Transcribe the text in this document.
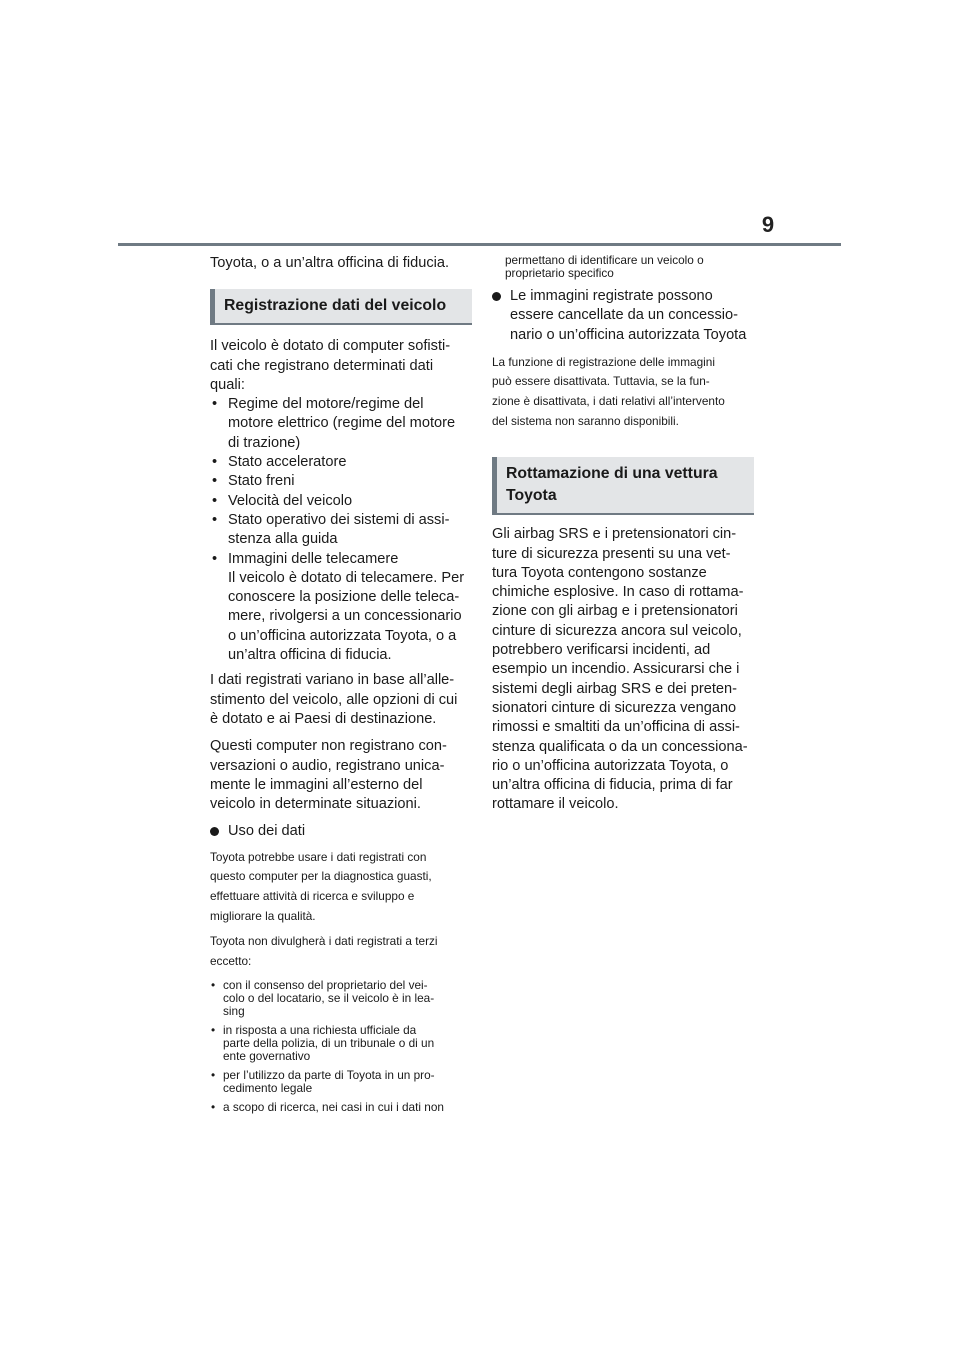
9

Toyota, o a un’altra officina di fiducia.

Registrazione dati del veicolo

Il veicolo è dotato di computer sofisti-
cati che registrano determinati dati
quali:

• Regime del motore/regime del
motore elettrico (regime del motore
di trazione)
• Stato acceleratore
• Stato freni
• Velocità del veicolo
• Stato operativo dei sistemi di assi-
stenza alla guida
• Immagini delle telecamere
Il veicolo è dotato di telecamere. Per
conoscere la posizione delle teleca-
mere, rivolgersi a un concessionario
o un’officina autorizzata Toyota, o a
un’altra officina di fiducia.

I dati registrati variano in base all’alle-
stimento del veicolo, alle opzioni di cui
è dotato e ai Paesi di destinazione.

Questi computer non registrano con-
versazioni o audio, registrano unica-
mente le immagini all’esterno del
veicolo in determinate situazioni.

Uso dei dati

Toyota potrebbe usare i dati registrati con
questo computer per la diagnostica guasti,
effettuare attività di ricerca e sviluppo e
migliorare la qualità.

Toyota non divulgherà i dati registrati a terzi
eccetto:

• con il consenso del proprietario del vei-
colo o del locatario, se il veicolo è in lea-
sing
• in risposta a una richiesta ufficiale da
parte della polizia, di un tribunale o di un
ente governativo
• per l’utilizzo da parte di Toyota in un pro-
cedimento legale
• a scopo di ricerca, nei casi in cui i dati non

permettano di identificare un veicolo o
proprietario specifico

Le immagini registrate possono
essere cancellate da un concessio-
nario o un’officina autorizzata Toyota

La funzione di registrazione delle immagini
può essere disattivata. Tuttavia, se la fun-
zione è disattivata, i dati relativi all’intervento
del sistema non saranno disponibili.

Rottamazione di una vettura
Toyota

Gli airbag SRS e i pretensionatori cin-
ture di sicurezza presenti su una vet-
tura Toyota contengono sostanze
chimiche esplosive. In caso di rottama-
zione con gli airbag e i pretensionatori
cinture di sicurezza ancora sul veicolo,
potrebbero verificarsi incidenti, ad
esempio un incendio. Assicurarsi che i
sistemi degli airbag SRS e dei preten-
sionatori cinture di sicurezza vengano
rimossi e smaltiti da un’officina di assi-
stenza qualificata o da un concessiona-
rio o un’officina autorizzata Toyota, o
un’altra officina di fiducia, prima di far
rottamare il veicolo.
